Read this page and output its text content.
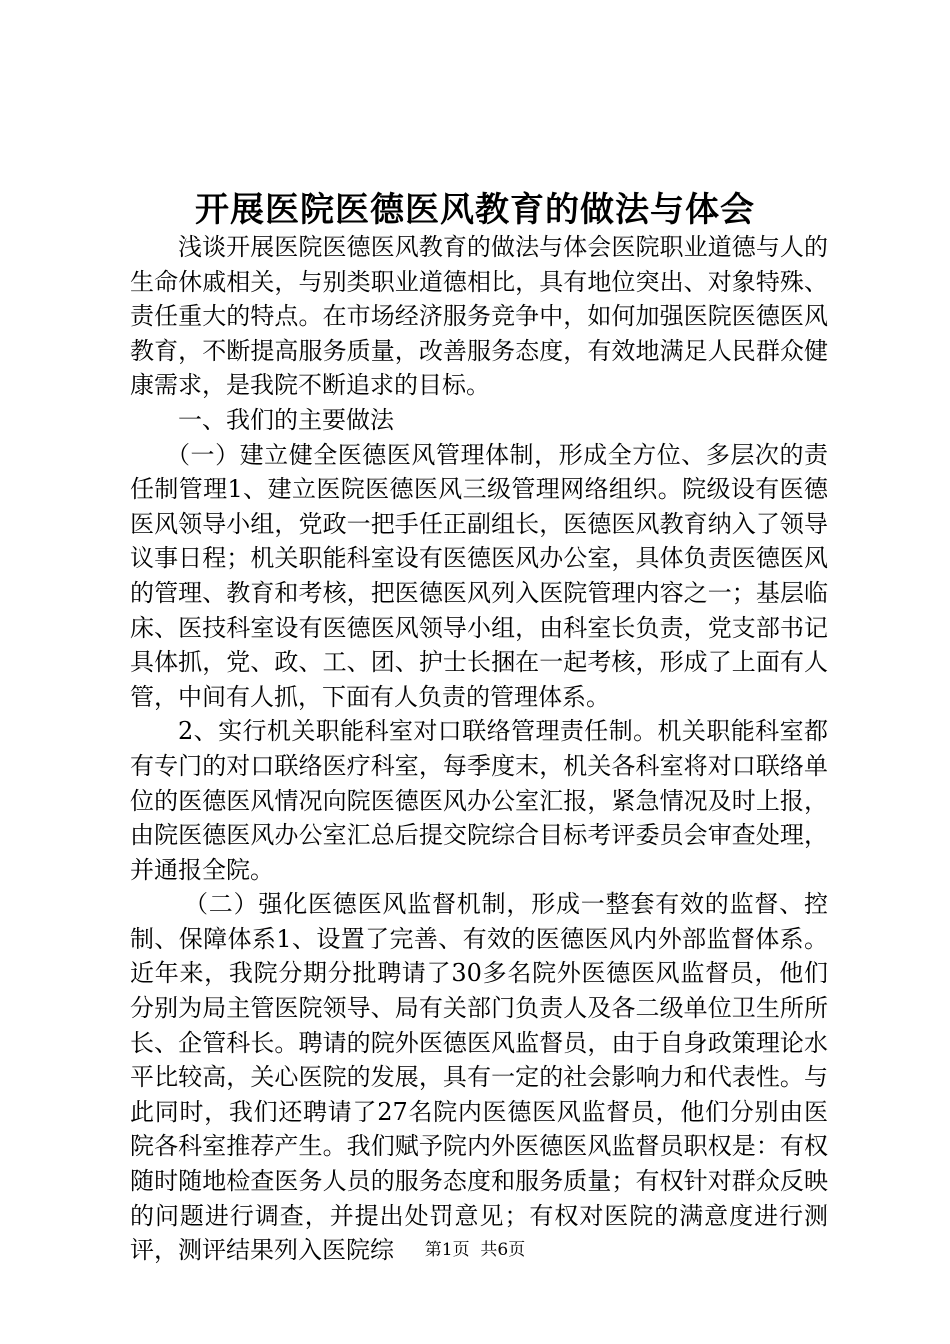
开展医院医德医风教育的做法与体会

浅谈开展医院医德医风教育的做法与体会医院职业道德与人的生命休戚相关，与别类职业道德相比，具有地位突出、对象特殊、责任重大的特点。在市场经济服务竞争中，如何加强医院医德医风教育，不断提高服务质量，改善服务态度，有效地满足人民群众健康需求，是我院不断追求的目标。

一、我们的主要做法

（一）建立健全医德医风管理体制，形成全方位、多层次的责任制管理1、建立医院医德医风三级管理网络组织。院级设有医德医风领导小组，党政一把手任正副组长，医德医风教育纳入了领导议事日程；机关职能科室设有医德医风办公室，具体负责医德医风的管理、教育和考核，把医德医风列入医院管理内容之一；基层临床、医技科室设有医德医风领导小组，由科室长负责，党支部书记具体抓，党、政、工、团、护士长捆在一起考核，形成了上面有人管，中间有人抓，下面有人负责的管理体系。

2、实行机关职能科室对口联络管理责任制。机关职能科室都有专门的对口联络医疗科室，每季度末，机关各科室将对口联络单位的医德医风情况向院医德医风办公室汇报，紧急情况及时上报，由院医德医风办公室汇总后提交院综合目标考评委员会审查处理，并通报全院。

（二）强化医德医风监督机制，形成一整套有效的监督、控制、保障体系1、设置了完善、有效的医德医风内外部监督体系。近年来，我院分期分批聘请了30多名院外医德医风监督员，他们分别为局主管医院领导、局有关部门负责人及各二级单位卫生所所长、企管科长。聘请的院外医德医风监督员，由于自身政策理论水平比较高，关心医院的发展，具有一定的社会影响力和代表性。与此同时，我们还聘请了27名院内医德医风监督员，他们分别由医院各科室推荐产生。我们赋予院内外医德医风监督员职权是：有权随时随地检查医务人员的服务态度和服务质量；有权针对群众反映的问题进行调查，并提出处罚意见；有权对医院的满意度进行测评，测评结果列入医院综	第1页  共6页
